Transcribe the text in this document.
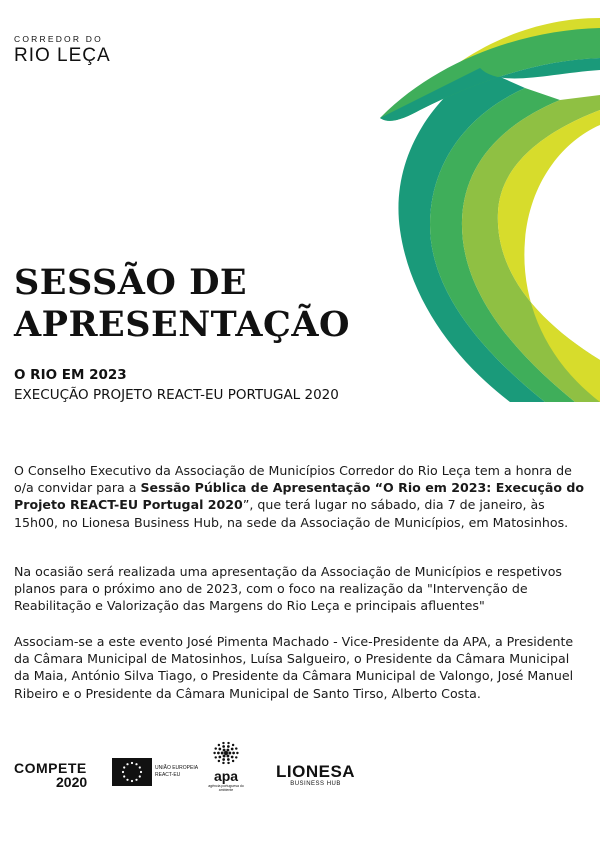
CORREDOR DO
RIO LEÇA
SESSÃO DE
APRESENTAÇÃO
O RIO EM 2023
EXECUÇÃO PROJETO REACT-EU PORTUGAL 2020
O Conselho Executivo da Associação de Municípios Corredor do Rio Leça tem a honra de o/a convidar para a Sessão Pública de Apresentação “O Rio em 2023: Execução do Projeto REACT-EU Portugal 2020”, que terá lugar no sábado, dia 7 de janeiro, às 15h00, no Lionesa Business Hub, na sede da Associação de Municípios, em Matosinhos.
Na ocasião será realizada uma apresentação da Associação de Municípios e respetivos planos para o próximo ano de 2023, com o foco na realização da "Intervenção de Reabilitação e Valorização das Margens do Rio Leça e principais afluentes"
Associam-se a este evento José Pimenta Machado - Vice-Presidente da APA, a Presidente da Câmara Municipal de Matosinhos, Luísa Salgueiro, o Presidente da Câmara Municipal da Maia, António Silva Tiago, o Presidente da Câmara Municipal de Valongo, José Manuel Ribeiro e o Presidente da Câmara Municipal de Santo Tirso, Alberto Costa.
COMPETE
2020
UNIÃO EUROPEIA
REACT-EU	apa
agência portuguesa do ambiente
LIONESA
BUSINESS HUB
